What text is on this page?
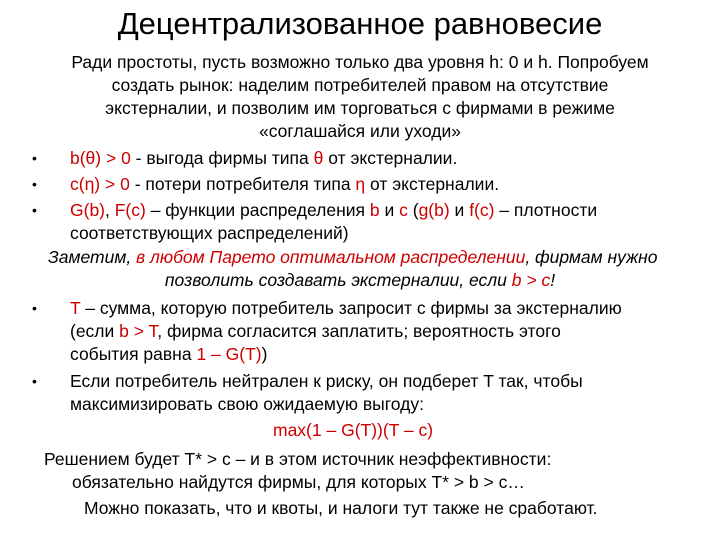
Децентрализованное равновесие
Ради простоты, пусть возможно только два уровня h: 0 и h. Попробуем
создать рынок: наделим потребителей правом на отсутствие
экстерналии, и позволим им торговаться с фирмами в режиме
«соглашайся или уходи»
• b(θ) > 0 - выгода фирмы типа θ от экстерналии.
• c(η) > 0 - потери потребителя типа η от экстерналии.
• G(b), F(c) – функции распределения b и c (g(b) и f(c) – плотности
соответствующих распределений)
Заметим, в любом Парето оптимальном распределении, фирмам нужно
позволить создавать экстерналии, если b > c!
• T – сумма, которую потребитель запросит с фирмы за экстерналию
(если b > T, фирма согласится заплатить; вероятность этого
события равна 1 – G(T))
• Если потребитель нейтрален к риску, он подберет T так, чтобы
максимизировать свою ожидаемую выгоду:
max(1 – G(T))(T – c)
Решением будет T* > c – и в этом источник неэффективности:
обязательно найдутся фирмы, для которых T* > b > c…
Можно показать, что и квоты, и налоги тут также не сработают.
